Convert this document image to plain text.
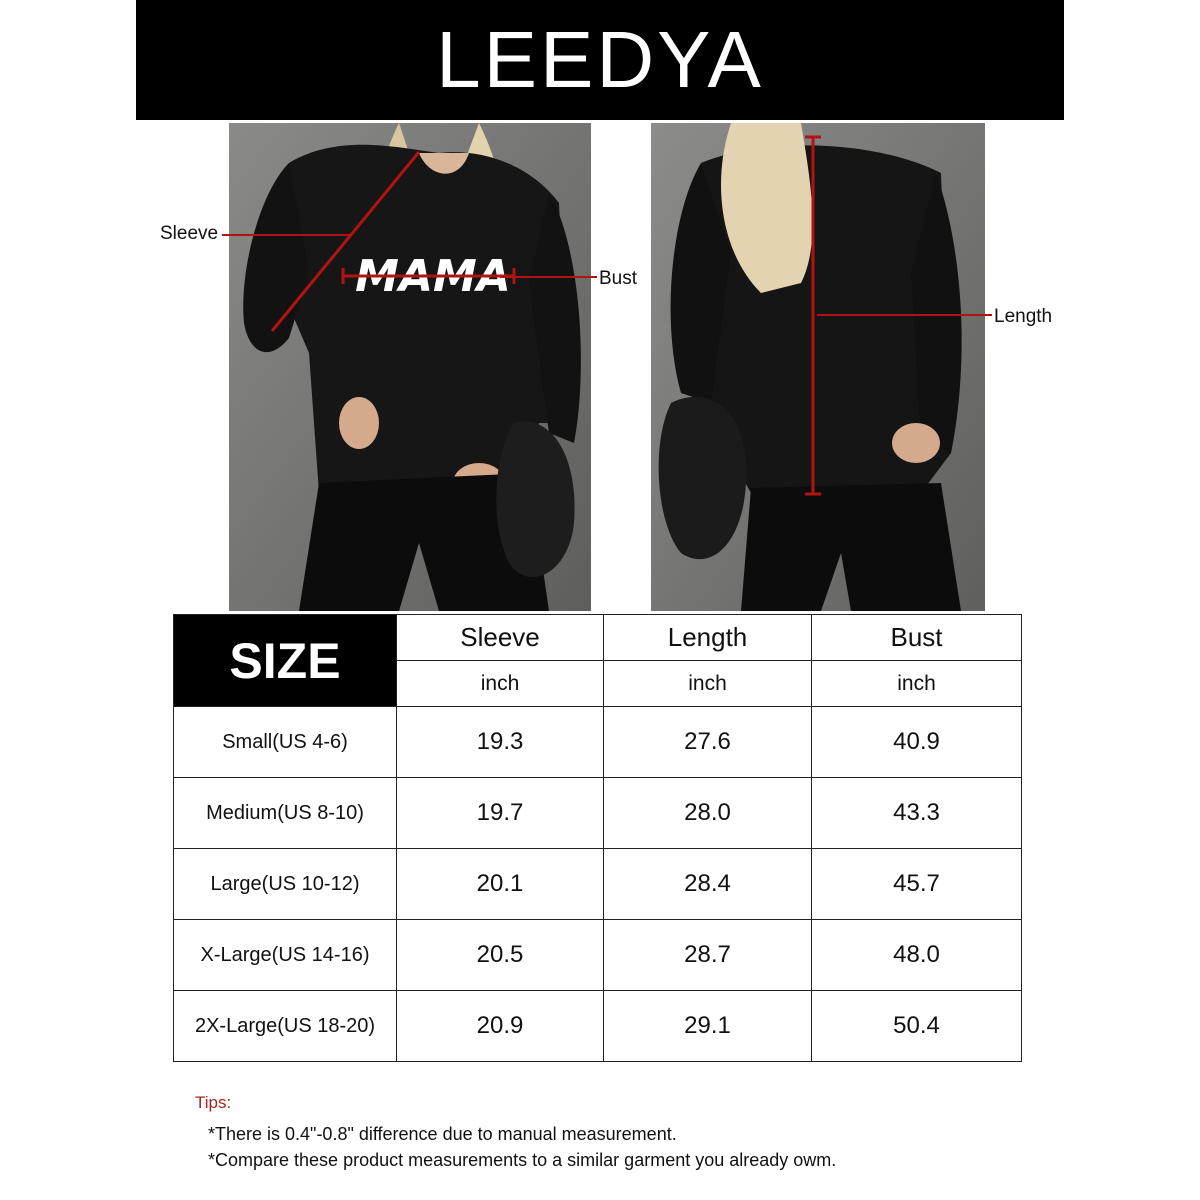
LEEDYA
MAMA
Sleeve
Bust
Length
SIZE	Sleeve	Length	Bust
	inch	inch	inch
Small(US 4-6)	19.3	27.6	40.9
Medium(US 8-10)	19.7	28.0	43.3
Large(US 10-12)	20.1	28.4	45.7
X-Large(US 14-16)	20.5	28.7	48.0
2X-Large(US 18-20)	20.9	29.1	50.4
Tips:
*There is 0.4"-0.8" difference due to manual measurement.
*Compare these product measurements to a similar garment you already owm.
